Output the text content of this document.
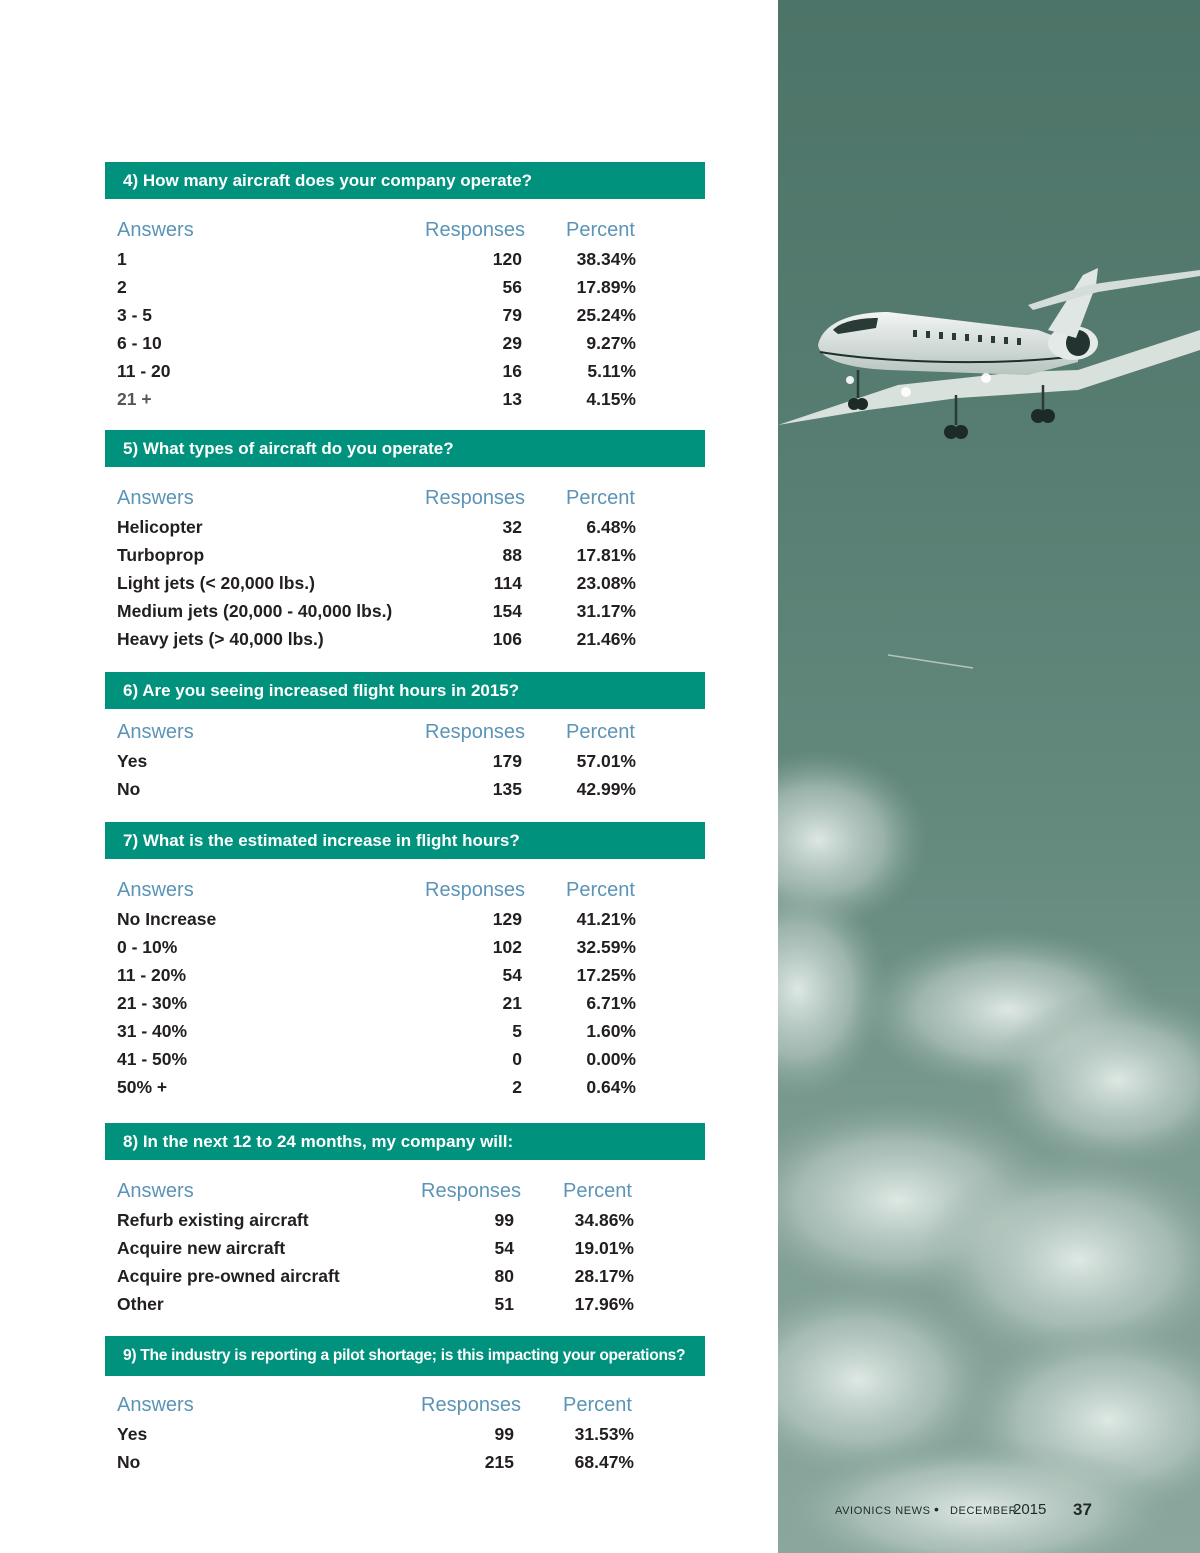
4) How many aircraft does your company operate?
Answers	Responses Percent
1	120	38.34%
2	56	17.89%
3 - 5	79	25.24%
6 - 10	29	9.27%
11 - 20	16	5.11%
21 +	13	4.15%
5) What types of aircraft do you operate?
Answers	Responses Percent
Helicopter	32	6.48%
Turboprop	88	17.81%
Light jets (< 20,000 lbs.)	114	23.08%
Medium jets (20,000 - 40,000 lbs.)	154	31.17%
Heavy jets (> 40,000 lbs.)	106	21.46%
6) Are you seeing increased flight hours in 2015?
Answers	Responses Percent
Yes	179	57.01%
No	135	42.99%
7) What is the estimated increase in flight hours?
Answers	Responses Percent
No Increase	129	41.21%
0 - 10%	102	32.59%
11 - 20%	54	17.25%
21 - 30%	21	6.71%
31 - 40%	5	1.60%
41 - 50%	0	0.00%
50% +	2	0.64%
8) In the next 12 to 24 months, my company will:
Answers	Responses Percent
Refurb existing aircraft	99	34.86%
Acquire new aircraft	54	19.01%
Acquire pre-owned aircraft	80	28.17%
Other	51	17.96%
9) The industry is reporting a pilot shortage; is this impacting your operations?
Answers	Responses Percent
Yes	99	31.53%
No	215	68.47%
AVIONICS NEWS • DECEMBER
2015 37
